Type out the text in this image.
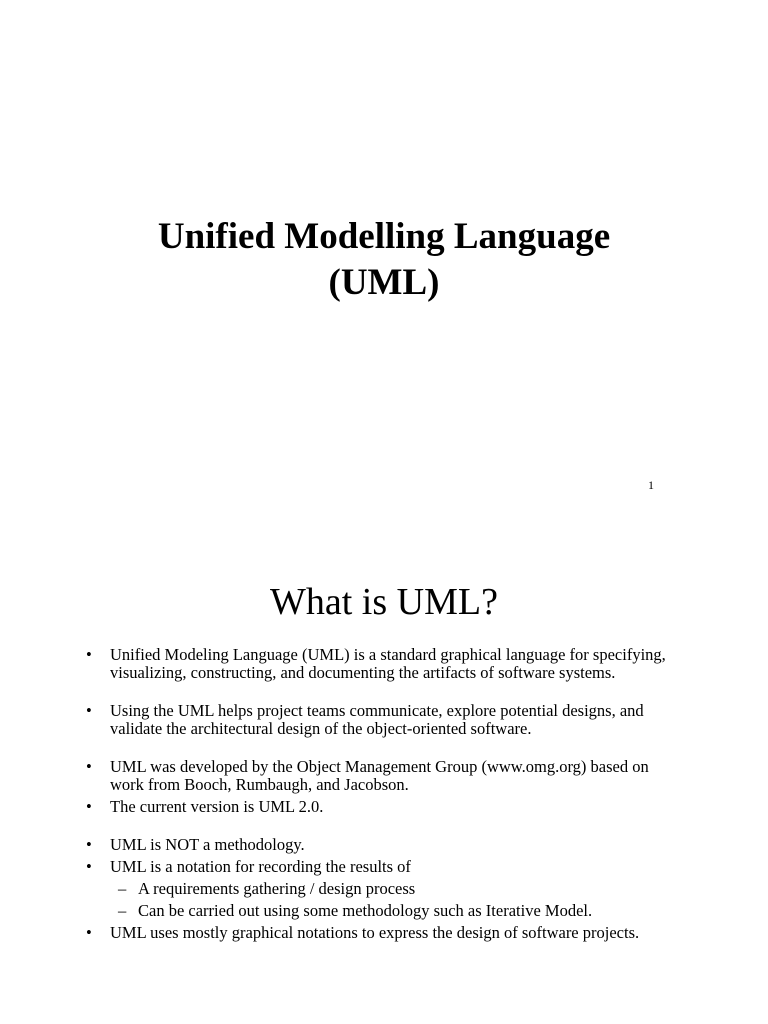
Unified Modelling Language
(UML)
1
What is UML?
• Unified Modeling Language (UML) is a standard graphical language for specifying, visualizing, constructing, and documenting the artifacts of software systems.
• Using the UML helps project teams communicate, explore potential designs, and validate the architectural design of the object-oriented software.
• UML was developed by the Object Management Group (www.omg.org) based on work from Booch, Rumbaugh, and Jacobson.
• The current version is UML 2.0.
• UML is NOT a methodology.
• UML is a notation for recording the results of
– A requirements gathering / design process
– Can be carried out using some methodology such as Iterative Model.
• UML uses mostly graphical notations to express the design of software projects.
